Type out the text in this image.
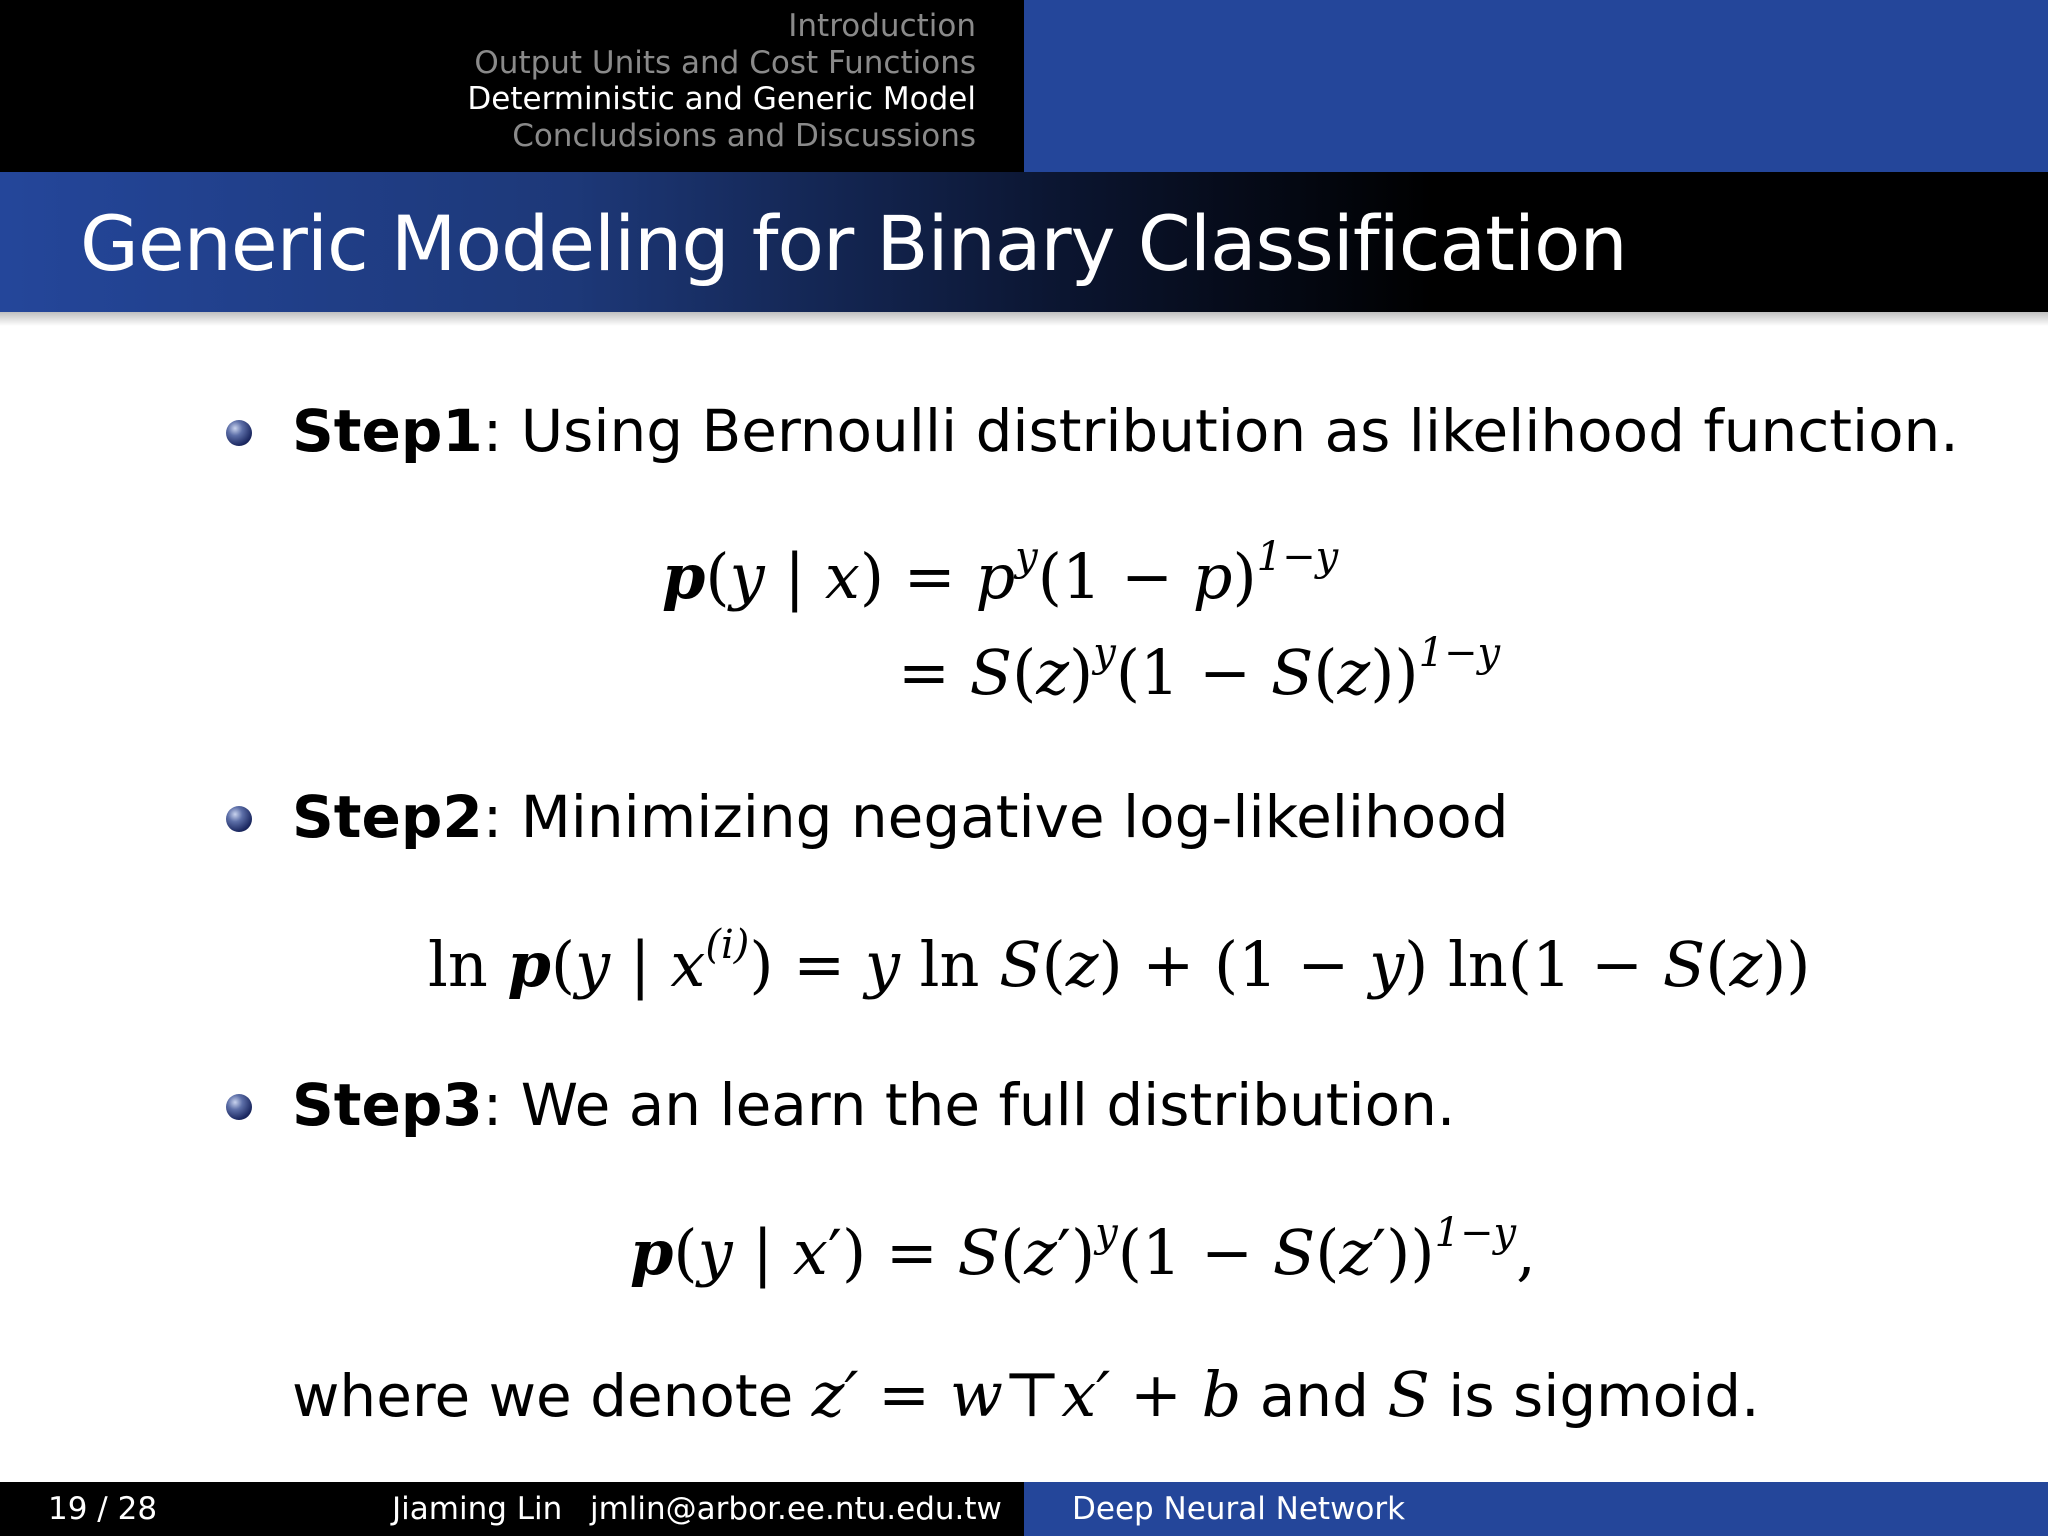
Introduction
Output Units and Cost Functions
Deterministic and Generic Model
Concludsions and Discussions
Generic Modeling for Binary Classification

Step1: Using Bernoulli distribution as likelihood function.

p(y | $x) = p^y(1 - p)^{1-y}$
= $S(z)^y(1 - S(z))^{1-y}$

Step2: Minimizing negative log-likelihood

ln p(y | $x^{(i)}) = y$ ln S(z) + (1 − y) ln(1 − S(z))

Step3: We an learn the full distribution.

p(y | $x') = S(z')^y(1 - S(z'))^{1-y}$,

where we denote z′ = w⊤x′ + b and S is sigmoid.

19 / 28	Jiaming Lin jmlin@arbor.ee.ntu.edu.tw Deep Neural Network
